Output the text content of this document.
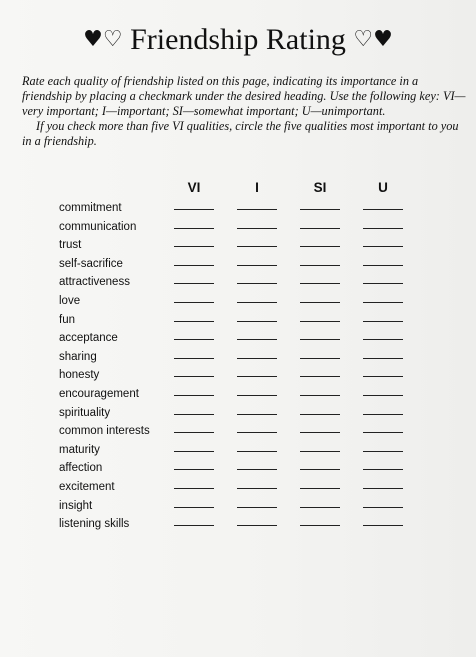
♥♡ Friendship Rating ♡♥

Rate each quality of friendship listed on this page, indicating its importance in a friendship by placing a checkmark under the desired heading. Use the following key: VI—very important; I—important; SI—somewhat important; U—unimportant.

If you check more than five VI qualities, circle the five qualities most important to you in a friendship.

VI	I	SI	U
commitment
communication
trust
self-sacrifice
attractiveness
love
fun
acceptance
sharing
honesty
encouragement
spirituality
common interests
maturity
affection
excitement
insight
listening skills
